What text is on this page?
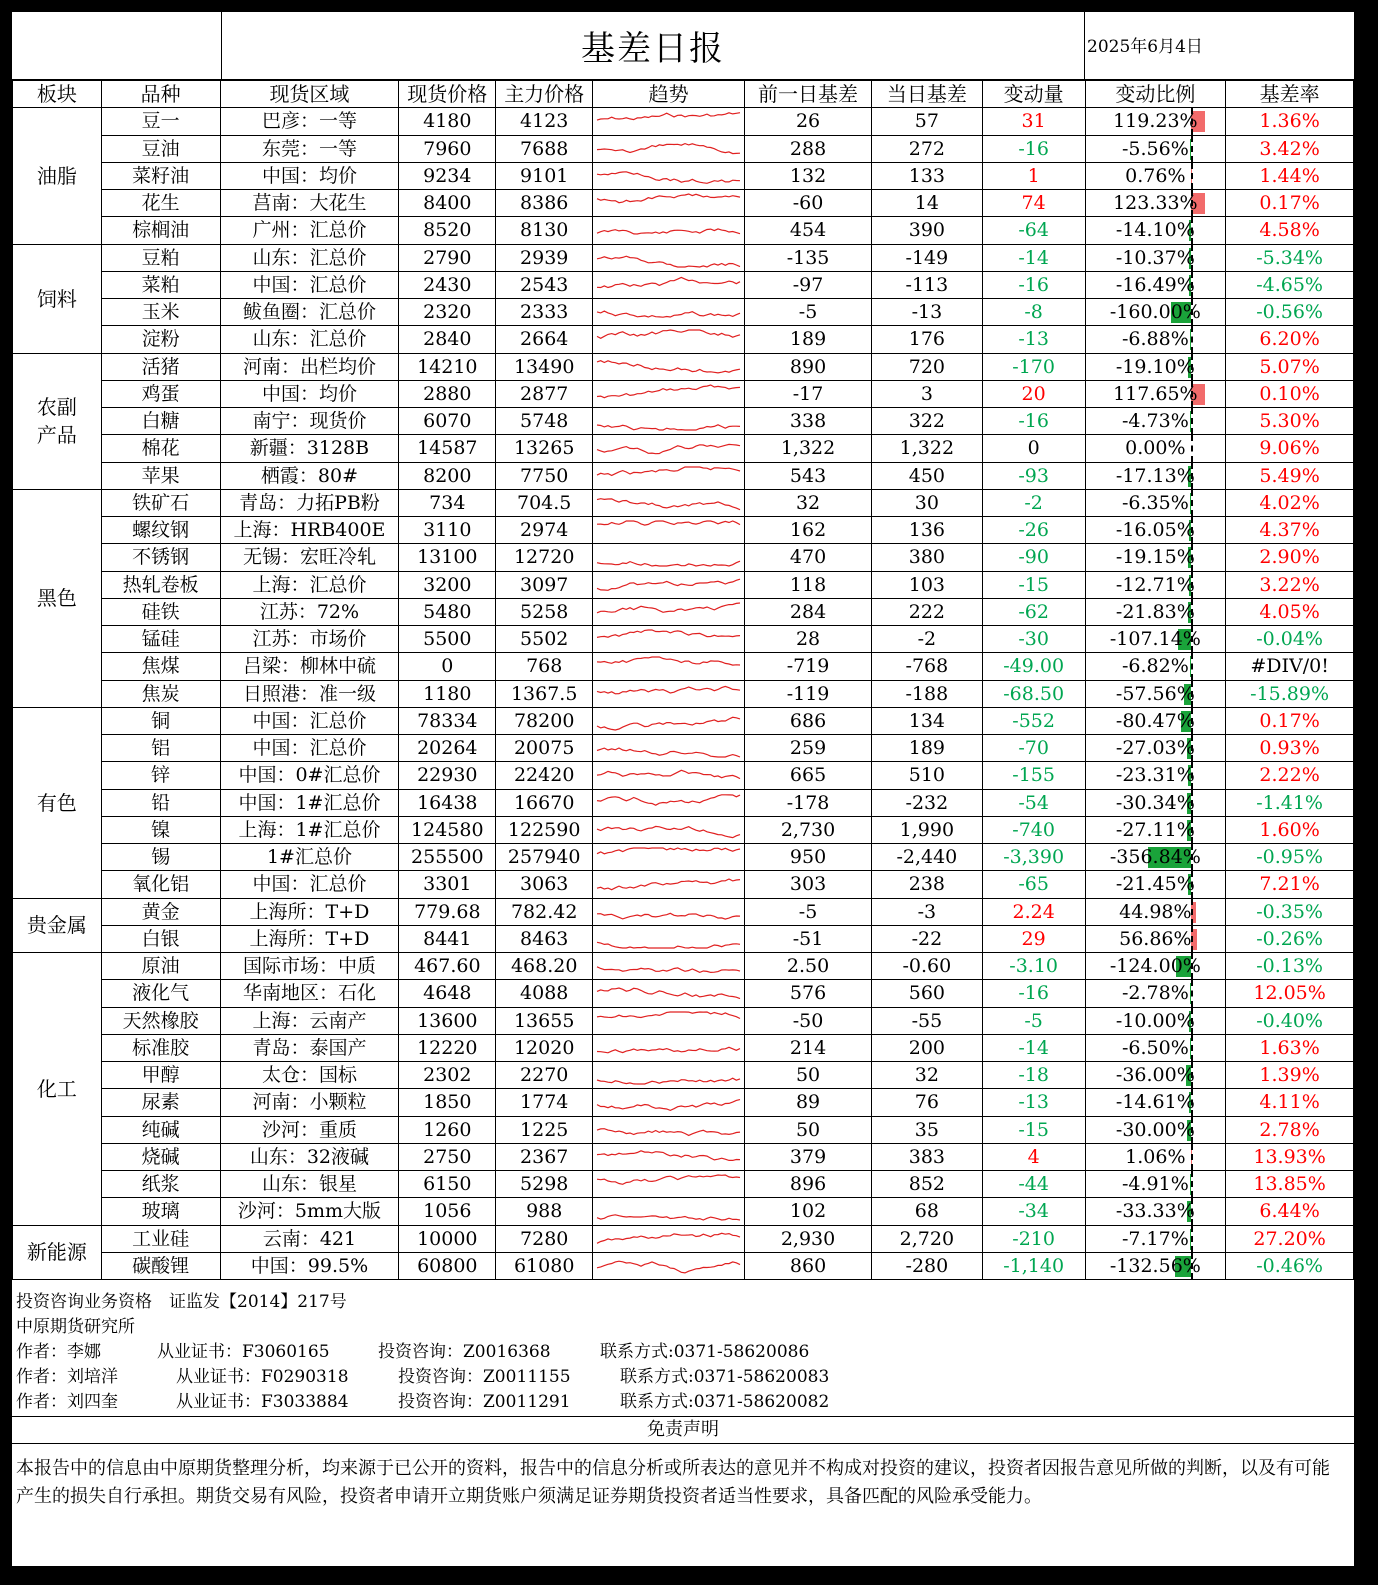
基差日报	2025年6月4日
板块	品种	现货区域	现货价格	主力价格	趋势	前一日基差	当日基差	变动量	变动比例	基差率
油脂	豆一	巴彦：一等	4180	4123		26	57	31	119.23%	1.36%
	豆油	东莞：一等	7960	7688		288	272	-16	-5.56%	3.42%
	菜籽油	中国：均价	9234	9101		132	133	1	0.76%	1.44%
	花生	莒南：大花生	8400	8386		-60	14	74	123.33%	0.17%
	棕榈油	广州：汇总价	8520	8130		454	390	-64	-14.10%	4.58%
饲料	豆粕	山东：汇总价	2790	2939		-135	-149	-14	-10.37%	-5.34%
	菜粕	中国：汇总价	2430	2543		-97	-113	-16	-16.49%	-4.65%
	玉米	鲅鱼圈：汇总价	2320	2333		-5	-13	-8	-160.00%	-0.56%
	淀粉	山东：汇总价	2840	2664		189	176	-13	-6.88%	6.20%
农副产品	活猪	河南：出栏均价	14210	13490		890	720	-170	-19.10%	5.07%
	鸡蛋	中国：均价	2880	2877		-17	3	20	117.65%	0.10%
	白糖	南宁：现货价	6070	5748		338	322	-16	-4.73%	5.30%
	棉花	新疆：3128B	14587	13265		1,322	1,322	0	0.00%	9.06%
	苹果	栖霞：80#	8200	7750		543	450	-93	-17.13%	5.49%
黑色	铁矿石	青岛：力拓PB粉	734	704.5		32	30	-2	-6.35%	4.02%
	螺纹钢	上海：HRB400E	3110	2974		162	136	-26	-16.05%	4.37%
	不锈钢	无锡：宏旺冷轧	13100	12720		470	380	-90	-19.15%	2.90%
	热轧卷板	上海：汇总价	3200	3097		118	103	-15	-12.71%	3.22%
	硅铁	江苏：72%	5480	5258		284	222	-62	-21.83%	4.05%
	锰硅	江苏：市场价	5500	5502		28	-2	-30	-107.14%	-0.04%
	焦煤	吕梁：柳林中硫	0	768		-719	-768	-49.00	-6.82%	#DIV/0!
	焦炭	日照港：准一级	1180	1367.5		-119	-188	-68.50	-57.56%	-15.89%
有色	铜	中国：汇总价	78334	78200		686	134	-552	-80.47%	0.17%
	铝	中国：汇总价	20264	20075		259	189	-70	-27.03%	0.93%
	锌	中国：0#汇总价	22930	22420		665	510	-155	-23.31%	2.22%
	铅	中国：1#汇总价	16438	16670		-178	-232	-54	-30.34%	-1.41%
	镍	上海：1#汇总价	124580	122590		2,730	1,990	-740	-27.11%	1.60%
	锡	1#汇总价	255500	257940		950	-2,440	-3,390	-356.84%	-0.95%
	氧化铝	中国：汇总价	3301	3063		303	238	-65	-21.45%	7.21%
贵金属	黄金	上海所：T+D	779.68	782.42		-5	-3	2.24	44.98%	-0.35%
	白银	上海所：T+D	8441	8463		-51	-22	29	56.86%	-0.26%
化工	原油	国际市场：中质	467.60	468.20		2.50	-0.60	-3.10	-124.00%	-0.13%
	液化气	华南地区：石化	4648	4088		576	560	-16	-2.78%	12.05%
	天然橡胶	上海：云南产	13600	13655		-50	-55	-5	-10.00%	-0.40%
	标准胶	青岛：泰国产	12220	12020		214	200	-14	-6.50%	1.63%
	甲醇	太仓：国标	2302	2270		50	32	-18	-36.00%	1.39%
	尿素	河南：小颗粒	1850	1774		89	76	-13	-14.61%	4.11%
	纯碱	沙河：重质	1260	1225		50	35	-15	-30.00%	2.78%
	烧碱	山东：32液碱	2750	2367		379	383	4	1.06%	13.93%
	纸浆	山东：银星	6150	5298		896	852	-44	-4.91%	13.85%
	玻璃	沙河：5mm大版	1056	988		102	68	-34	-33.33%	6.44%
新能源	工业硅	云南：421	10000	7280		2,930	2,720	-210	-7.17%	27.20%
	碳酸锂	中国：99.5%	60800	61080		860	-280	-1,140	-132.56%	-0.46%
投资咨询业务资格　证监发【2014】217号
中原期货研究所
作者：李娜	从业证书：F3060165	投资咨询：Z0016368	联系方式:0371-58620086
作者：刘培洋	从业证书：F0290318	投资咨询：Z0011155	联系方式:0371-58620083
作者：刘四奎	从业证书：F3033884	投资咨询：Z0011291	联系方式:0371-58620082
免责声明
本报告中的信息由中原期货整理分析，均来源于已公开的资料，报告中的信息分析或所表达的意见并不构成对投资的建议，投资者因报告意见所做的判断，以及有可能产生的损失自行承担。期货交易有风险，投资者申请开立期货账户须满足证券期货投资者适当性要求，具备匹配的风险承受能力。
